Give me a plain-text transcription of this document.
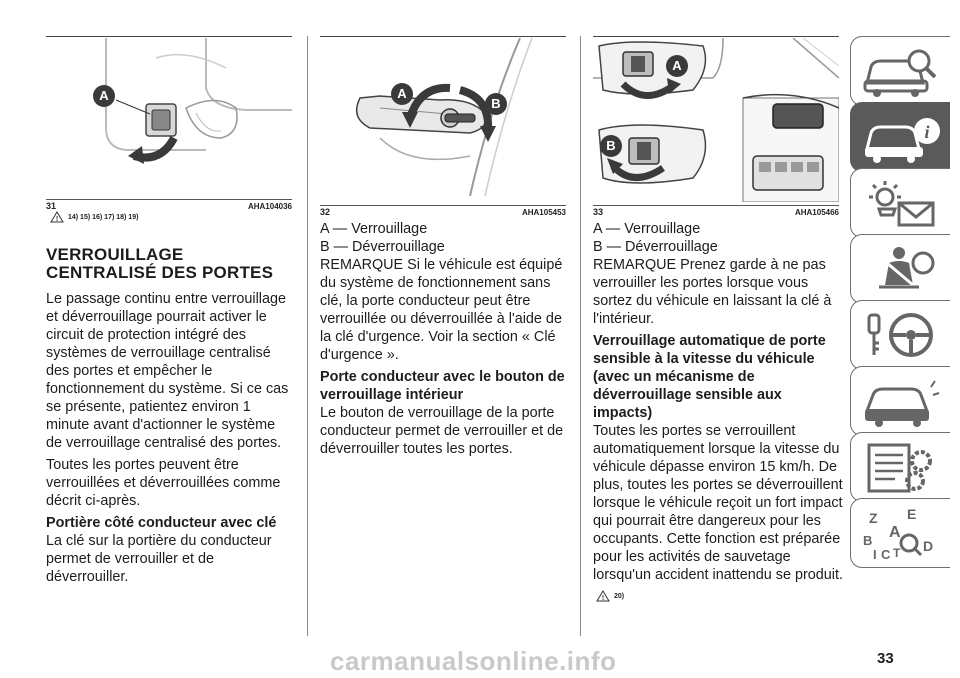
A
31	AHA104036
! 14) 15) 16) 17) 18) 19)
A
B
32	AHA105453
A
B
33	AHA105466
VERROUILLAGE CENTRALISÉ DES PORTES

Le passage continu entre verrouillage et déverrouillage pourrait activer le circuit de protection intégré des systèmes de verrouillage centralisé des portes et empêcher le fonctionnement du système. Si ce cas se présente, patientez environ 1 minute avant d'actionner le système de verrouillage centralisé des portes.

Toutes les portes peuvent être verrouillées et déverrouillées comme décrit ci-après.

Portière côté conducteur avec clé

La clé sur la portière du conducteur permet de verrouiller et de déverrouiller.

A — Verrouillage
B — Déverrouillage

REMARQUE Si le véhicule est équipé du système de fonctionnement sans clé, la porte conducteur peut être verrouillée ou déverrouillée à l'aide de la clé d'urgence. Voir la section « Clé d'urgence ».

Porte conducteur avec le bouton de verrouillage intérieur

Le bouton de verrouillage de la porte conducteur permet de verrouiller et de déverrouiller toutes les portes.

A — Verrouillage
B — Déverrouillage

REMARQUE Prenez garde à ne pas verrouiller les portes lorsque vous sortez du véhicule en laissant la clé à l'intérieur.

Verrouillage automatique de porte sensible à la vitesse du véhicule (avec un mécanisme de déverrouillage sensible aux impacts)

Toutes les portes se verrouillent automatiquement lorsque la vitesse du véhicule dépasse environ 15 km/h. De plus, toutes les portes se déverrouillent lorsque le véhicule reçoit un fort impact qui pourrait être dangereux pour les occupants. Cette fonction est préparée pour les activités de sauvetage lorsqu'un accident inattendu se produit.

! 20)
i
Z E
A
B
C T D
I
carmanualsonline.info	33
